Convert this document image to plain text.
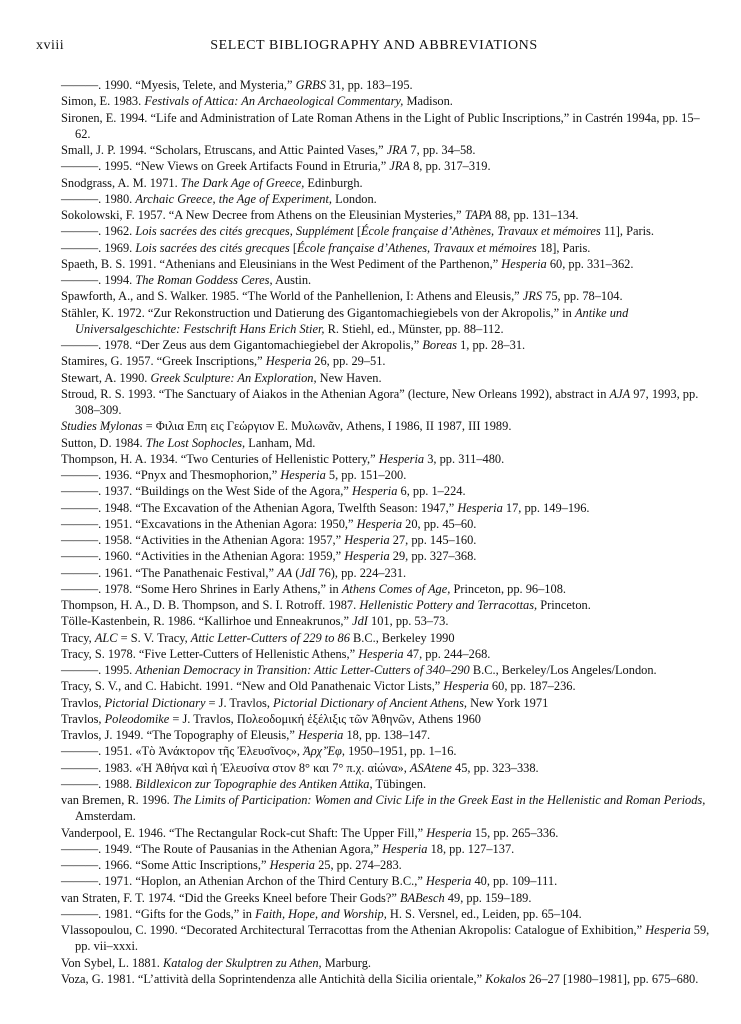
xviii	SELECT BIBLIOGRAPHY AND ABBREVIATIONS
———. 1990. “Myesis, Telete, and Mysteria,” GRBS 31, pp. 183–195.
Simon, E. 1983. Festivals of Attica: An Archaeological Commentary, Madison.
Sironen, E. 1994. “Life and Administration of Late Roman Athens in the Light of Public Inscriptions,” in Castrén 1994a, pp. 15–62.
Small, J. P. 1994. “Scholars, Etruscans, and Attic Painted Vases,” JRA 7, pp. 34–58.
———. 1995. “New Views on Greek Artifacts Found in Etruria,” JRA 8, pp. 317–319.
Snodgrass, A. M. 1971. The Dark Age of Greece, Edinburgh.
———. 1980. Archaic Greece, the Age of Experiment, London.
Sokolowski, F. 1957. “A New Decree from Athens on the Eleusinian Mysteries,” TAPA 88, pp. 131–134.
———. 1962. Lois sacrées des cités grecques, Supplément [École française d’Athènes, Travaux et mémoires 11], Paris.
———. 1969. Lois sacrées des cités grecques [École française d’Athenes, Travaux et mémoires 18], Paris.
Spaeth, B. S. 1991. “Athenians and Eleusinians in the West Pediment of the Parthenon,” Hesperia 60, pp. 331–362.
———. 1994. The Roman Goddess Ceres, Austin.
Spawforth, A., and S. Walker. 1985. “The World of the Panhellenion, I: Athens and Eleusis,” JRS 75, pp. 78–104.
Stähler, K. 1972. “Zur Rekonstruction und Datierung des Gigantomachiegiebels von der Akropolis,” in Antike und Universalgeschichte: Festschrift Hans Erich Stier, R. Stiehl, ed., Münster, pp. 88–112.
———. 1978. “Der Zeus aus dem Gigantomachiegiebel der Akropolis,” Boreas 1, pp. 28–31.
Stamires, G. 1957. “Greek Inscriptions,” Hesperia 26, pp. 29–51.
Stewart, A. 1990. Greek Sculpture: An Exploration, New Haven.
Stroud, R. S. 1993. “The Sanctuary of Aiakos in the Athenian Agora” (lecture, New Orleans 1992), abstract in AJA 97, 1993, pp. 308–309.
Studies Mylonas = Φιλια Επη εις Γεώργιον Ε. Μυλωνᾶν, Athens, I 1986, II 1987, III 1989.
Sutton, D. 1984. The Lost Sophocles, Lanham, Md.
Thompson, H. A. 1934. “Two Centuries of Hellenistic Pottery,” Hesperia 3, pp. 311–480.
———. 1936. “Pnyx and Thesmophorion,” Hesperia 5, pp. 151–200.
———. 1937. “Buildings on the West Side of the Agora,” Hesperia 6, pp. 1–224.
———. 1948. “The Excavation of the Athenian Agora, Twelfth Season: 1947,” Hesperia 17, pp. 149–196.
———. 1951. “Excavations in the Athenian Agora: 1950,” Hesperia 20, pp. 45–60.
———. 1958. “Activities in the Athenian Agora: 1957,” Hesperia 27, pp. 145–160.
———. 1960. “Activities in the Athenian Agora: 1959,” Hesperia 29, pp. 327–368.
———. 1961. “The Panathenaic Festival,” AA (JdI 76), pp. 224–231.
———. 1978. “Some Hero Shrines in Early Athens,” in Athens Comes of Age, Princeton, pp. 96–108.
Thompson, H. A., D. B. Thompson, and S. I. Rotroff. 1987. Hellenistic Pottery and Terracottas, Princeton.
Tölle-Kastenbein, R. 1986. “Kallirhoe und Enneakrunos,” JdI 101, pp. 53–73.
Tracy, ALC = S. V. Tracy, Attic Letter-Cutters of 229 to 86 B.C., Berkeley 1990
Tracy, S. 1978. “Five Letter-Cutters of Hellenistic Athens,” Hesperia 47, pp. 244–268.
———. 1995. Athenian Democracy in Transition: Attic Letter-Cutters of 340–290 B.C., Berkeley/Los Angeles/London.
Tracy, S. V., and C. Habicht. 1991. “New and Old Panathenaic Victor Lists,” Hesperia 60, pp. 187–236.
Travlos, Pictorial Dictionary = J. Travlos, Pictorial Dictionary of Ancient Athens, New York 1971
Travlos, Poleodomike = J. Travlos, Πολεοδομική ἐξέλιξις τῶν Ἀθηνῶν, Athens 1960
Travlos, J. 1949. “The Topography of Eleusis,” Hesperia 18, pp. 138–147.
———. 1951. «Τὸ Ἀνάκτορον τῆς Ἐλευσῖνος», Ἀρχ’Ἐφ, 1950–1951, pp. 1–16.
———. 1983. «Ἡ Ἀθήνα καὶ ἡ Ἐλευσίνα στον 8° και 7° π.χ. αἰώνα», ASΑtene 45, pp. 323–338.
———. 1988. Bildlexicon zur Topographie des Antiken Attika, Tübingen.
van Bremen, R. 1996. The Limits of Participation: Women and Civic Life in the Greek East in the Hellenistic and Roman Periods, Amsterdam.
Vanderpool, E. 1946. “The Rectangular Rock-cut Shaft: The Upper Fill,” Hesperia 15, pp. 265–336.
———. 1949. “The Route of Pausanias in the Athenian Agora,” Hesperia 18, pp. 127–137.
———. 1966. “Some Attic Inscriptions,” Hesperia 25, pp. 274–283.
———. 1971. “Hoplon, an Athenian Archon of the Third Century B.C.,” Hesperia 40, pp. 109–111.
van Straten, F. T. 1974. “Did the Greeks Kneel before Their Gods?” BABesch 49, pp. 159–189.
———. 1981. “Gifts for the Gods,” in Faith, Hope, and Worship, H. S. Versnel, ed., Leiden, pp. 65–104.
Vlassopoulou, C. 1990. “Decorated Architectural Terracottas from the Athenian Akropolis: Catalogue of Exhibition,” Hesperia 59, pp. vii–xxxi.
Von Sybel, L. 1881. Katalog der Skulptren zu Athen, Marburg.
Voza, G. 1981. “L’attività della Soprintendenza alle Antichità della Sicilia orientale,” Kokalos 26–27 [1980–1981], pp. 675–680.
